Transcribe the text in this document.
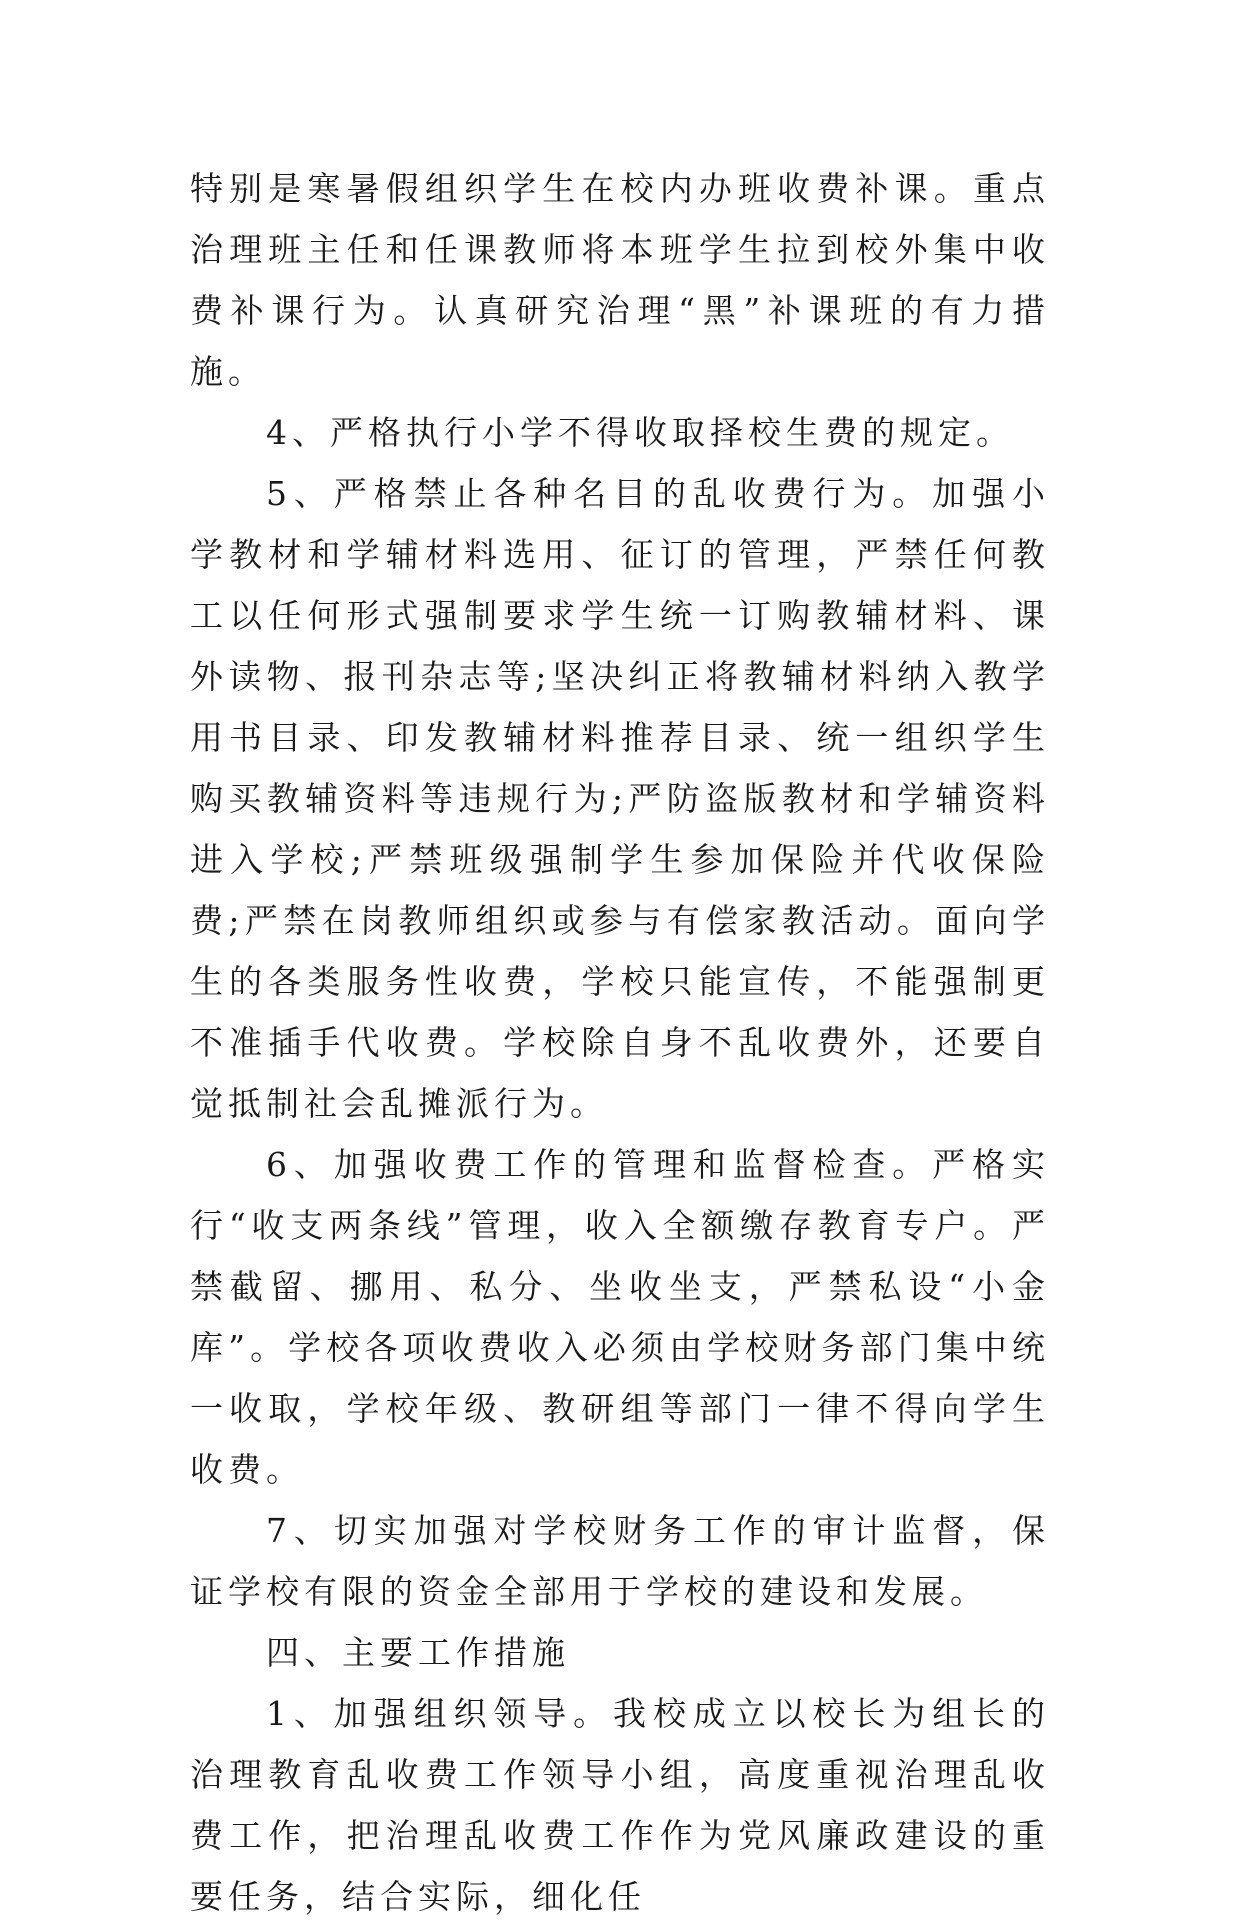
特别是寒暑假组织学生在校内办班收费补课。重点治理班主任和任课教师将本班学生拉到校外集中收费补课行为。认真研究治理“黑”补课班的有力措施。

4、严格执行小学不得收取择校生费的规定。

5、严格禁止各种名目的乱收费行为。加强小学教材和学辅材料选用、征订的管理，严禁任何教工以任何形式强制要求学生统一订购教辅材料、课外读物、报刊杂志等;坚决纠正将教辅材料纳入教学用书目录、印发教辅材料推荐目录、统一组织学生购买教辅资料等违规行为;严防盗版教材和学辅资料进入学校;严禁班级强制学生参加保险并代收保险费;严禁在岗教师组织或参与有偿家教活动。面向学生的各类服务性收费，学校只能宣传，不能强制更不准插手代收费。学校除自身不乱收费外，还要自觉抵制社会乱摊派行为。

6、加强收费工作的管理和监督检查。严格实行“收支两条线”管理，收入全额缴存教育专户。严禁截留、挪用、私分、坐收坐支，严禁私设“小金库”。学校各项收费收入必须由学校财务部门集中统一收取，学校年级、教研组等部门一律不得向学生收费。

7、切实加强对学校财务工作的审计监督，保证学校有限的资金全部用于学校的建设和发展。

四、主要工作措施

1、加强组织领导。我校成立以校长为组长的治理教育乱收费工作领导小组，高度重视治理乱收费工作，把治理乱收费工作作为党风廉政建设的重要任务，结合实际，细化任
